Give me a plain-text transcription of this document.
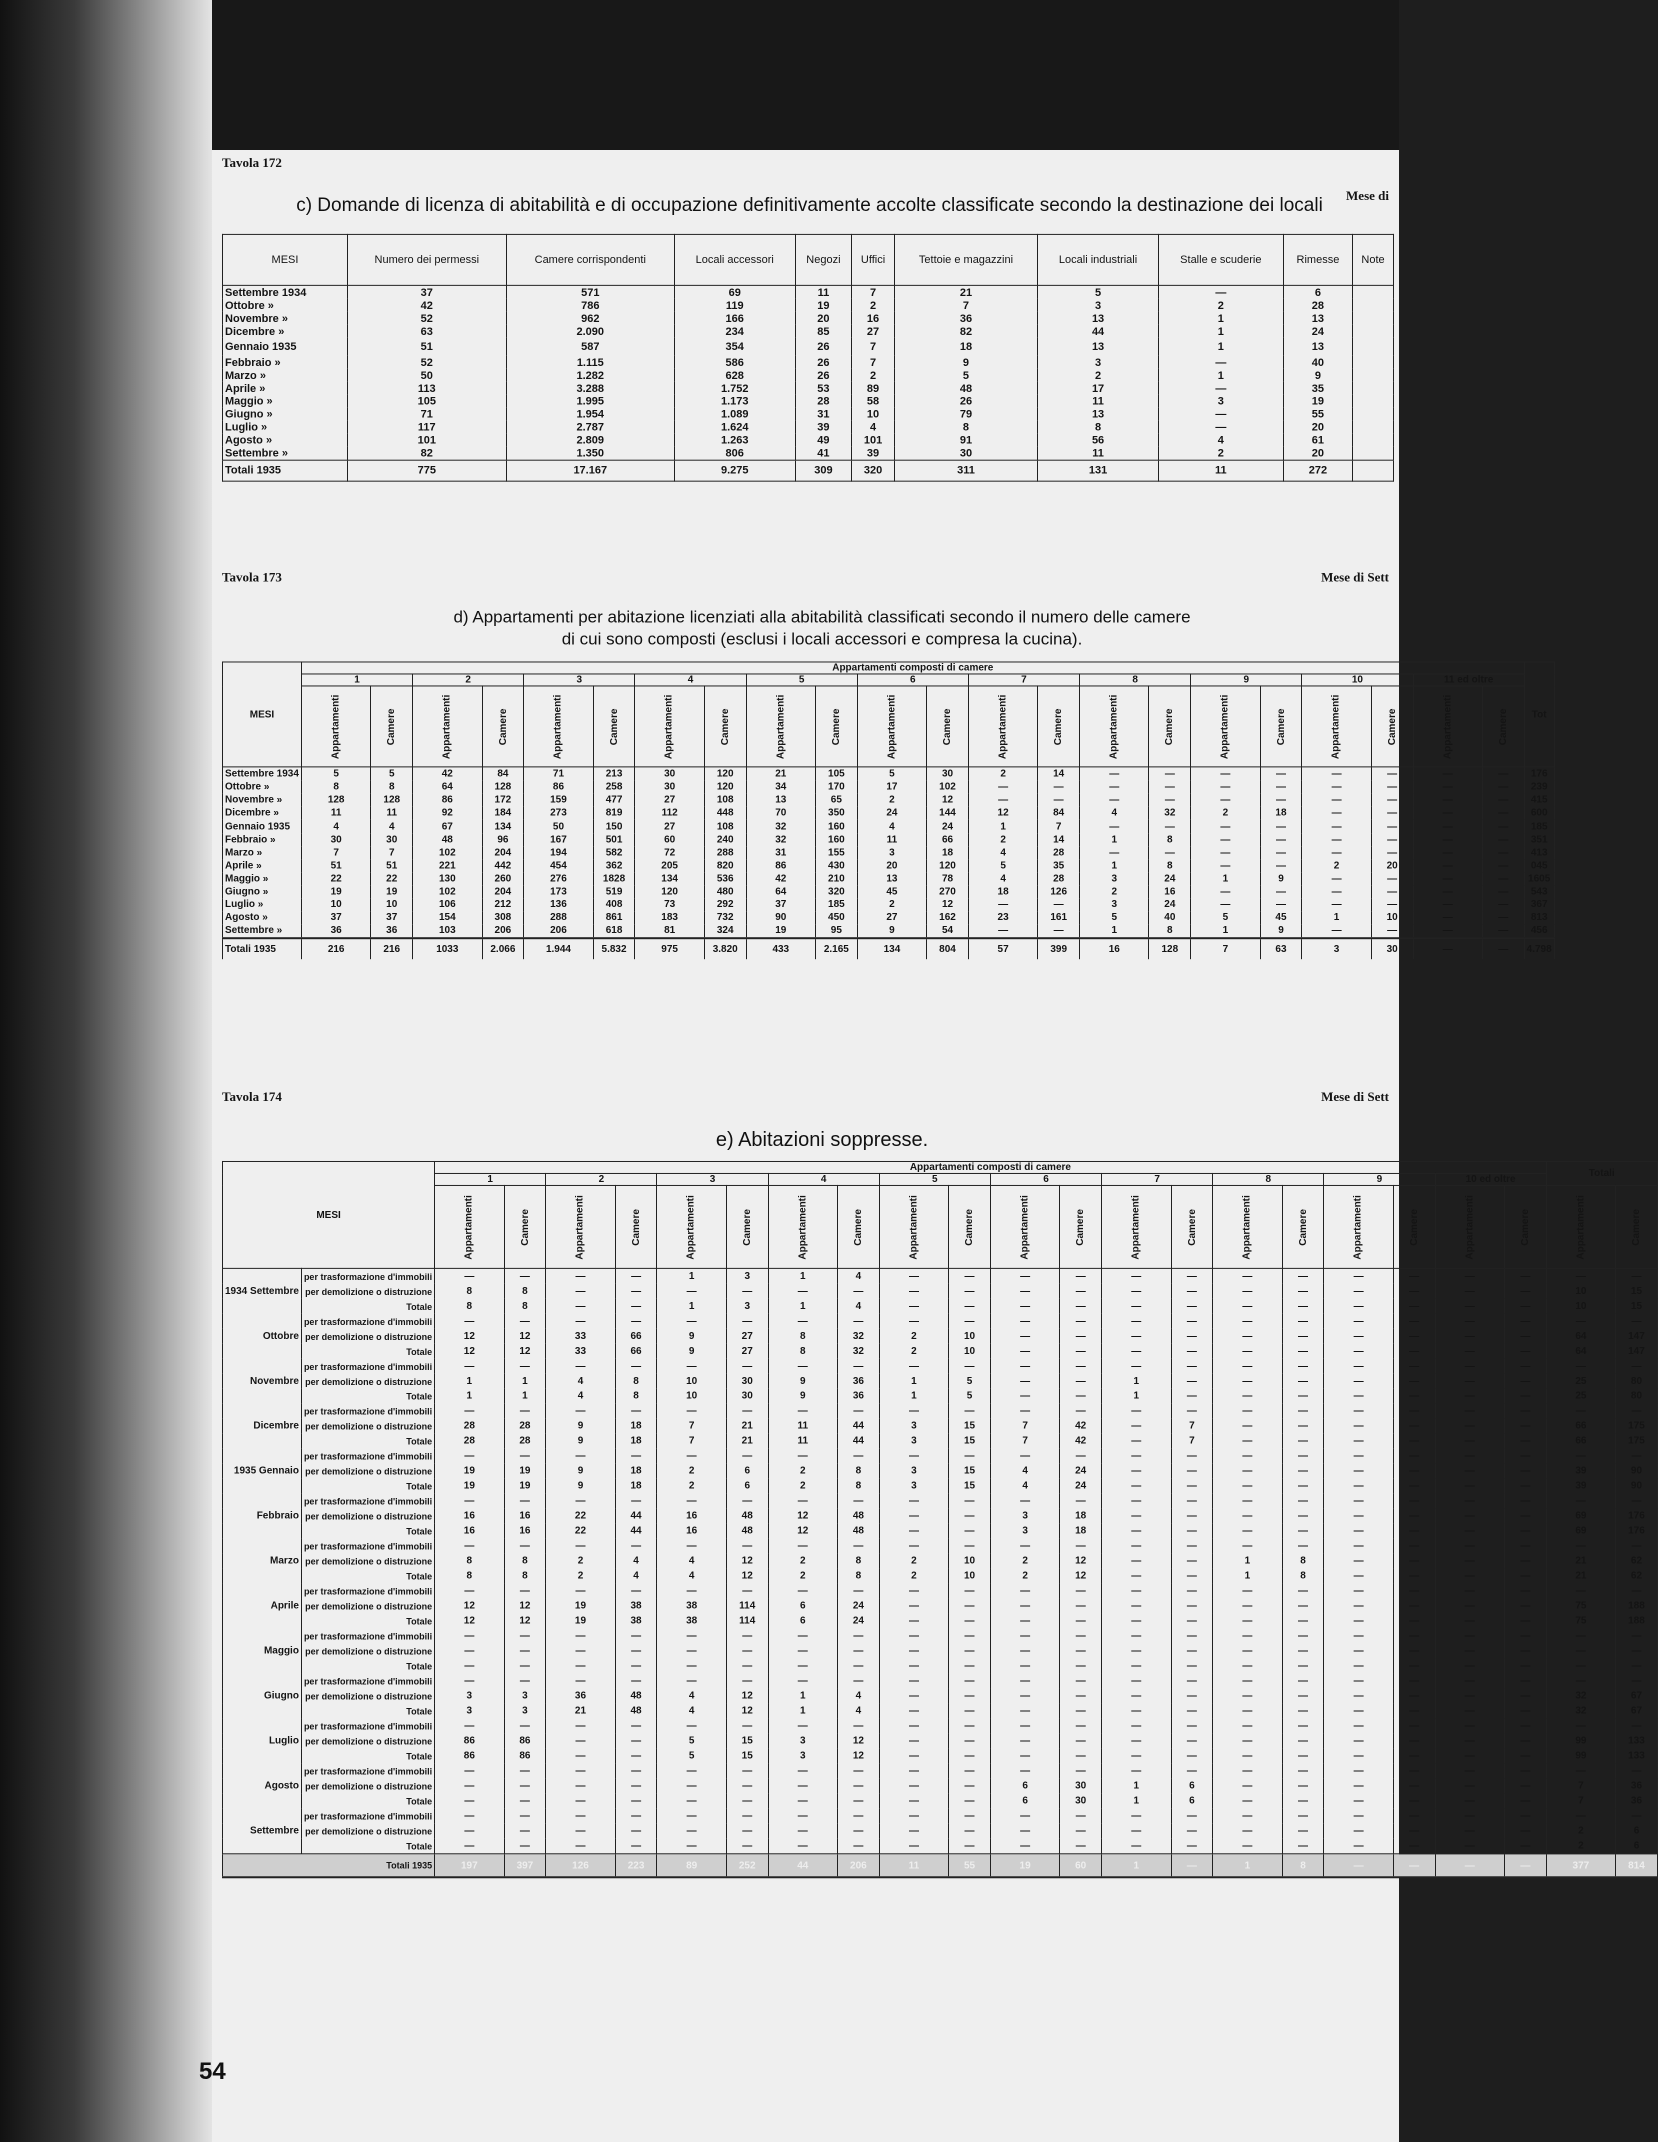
Tavola 172
Mese di
c) Domande di licenza di abitabilità e di occupazione definitivamente accolte classificate secondo la destinazione dei locali
MESI	Numero dei permessi	Camere corrispondenti	Locali accessori	Negozi	Uffici	Tettoie e magazzini	Locali industriali	Stalle e scuderie	Rimesse	Note
Settembre 1934	37	571	69	11	7	21	5	—	6	
Ottobre »	42	786	119	19	2	7	3	2	28	
Novembre »	52	962	166	20	16	36	13	1	13	
Dicembre »	63	2.090	234	85	27	82	44	1	24	
Gennaio 1935	51	587	354	26	7	18	13	1	13	
Febbraio »	52	1.115	586	26	7	9	3	—	40	
Marzo »	50	1.282	628	26	2	5	2	1	9	
Aprile »	113	3.288	1.752	53	89	48	17	—	35	
Maggio »	105	1.995	1.173	28	58	26	11	3	19	
Giugno »	71	1.954	1.089	31	10	79	13	—	55	
Luglio »	117	2.787	1.624	39	4	8	8	—	20	
Agosto »	101	2.809	1.263	49	101	91	56	4	61	
Settembre »	82	1.350	806	41	39	30	11	2	20	
Totali 1935	775	17.167	9.275	309	320	311	131	11	272	
Tavola 173	Mese di Sett
d) Appartamenti per abitazione licenziati alla abitabilità classificati secondo il numero delle camere
di cui sono composti (esclusi i locali accessori e compresa la cucina).
MESI	Appartamenti composti di camere																						Tot
	1		2		3		4		5		6		7		8		9		10		11 ed oltre		
	Appartamenti	Camere	Appartamenti	Camere	Appartamenti	Camere	Appartamenti	Camere	Appartamenti	Camere	Appartamenti	Camere	Appartamenti	Camere	Appartamenti	Camere	Appartamenti	Camere	Appartamenti	Camere	Appartamenti	Camere	
Settembre 1934	5	5	42	84	71	213	30	120	21	105	5	30	2	14	—	—	—	—	—	—	—	—	176
Ottobre »	8	8	64	128	86	258	30	120	34	170	17	102	—	—	—	—	—	—	—	—	—	—	239
Novembre »	128	128	86	172	159	477	27	108	13	65	2	12	—	—	—	—	—	—	—	—	—	—	415
Dicembre »	11	11	92	184	273	819	112	448	70	350	24	144	12	84	4	32	2	18	—	—	—	—	600
Gennaio 1935	4	4	67	134	50	150	27	108	32	160	4	24	1	7	—	—	—	—	—	—	—	—	185
Febbraio »	30	30	48	96	167	501	60	240	32	160	11	66	2	14	1	8	—	—	—	—	—	—	351
Marzo »	7	7	102	204	194	582	72	288	31	155	3	18	4	28	—	—	—	—	—	—	—	—	413
Aprile »	51	51	221	442	454	362	205	820	86	430	20	120	5	35	1	8	—	—	2	20	—	—	045
Maggio »	22	22	130	260	276	1828	134	536	42	210	13	78	4	28	3	24	1	9	—	—	—	—	1605
Giugno »	19	19	102	204	173	519	120	480	64	320	45	270	18	126	2	16	—	—	—	—	—	—	543
Luglio »	10	10	106	212	136	408	73	292	37	185	2	12	—	—	3	24	—	—	—	—	—	—	367
Agosto »	37	37	154	308	288	861	183	732	90	450	27	162	23	161	5	40	5	45	1	10	—	—	813
Settembre »	36	36	103	206	206	618	81	324	19	95	9	54	—	—	1	8	1	9	—	—	—	—	456
Totali 1935	216	216	1033	2.066	1.944	5.832	975	3.820	433	2.165	134	804	57	399	16	128	7	63	3	30	—	—	4.798
Tavola 174	Mese di Sett
e) Abitazioni soppresse.
MESI		Appartamenti composti di camere																				Totali	
		1		2		3		4		5		6		7		8		9		10 ed oltre			
		Appartamenti	Camere	Appartamenti	Camere	Appartamenti	Camere	Appartamenti	Camere	Appartamenti	Camere	Appartamenti	Camere	Appartamenti	Camere	Appartamenti	Camere	Appartamenti	Camere	Appartamenti	Camere	Appartamenti	Camere
1934 Settembre	per trasformazione d'immobili	—	—	—	—	1	3	1	4	—	—	—	—	—	—	—	—	—	—	—	—	—	—
	per demolizione o distruzione	8	8	—	—	—	—	—	—	—	—	—	—	—	—	—	—	—	—	—	—	10	15
	Totale	8	8	—	—	1	3	1	4	—	—	—	—	—	—	—	—	—	—	—	—	10	15
Ottobre	per trasformazione d'immobili	—	—	—	—	—	—	—	—	—	—	—	—	—	—	—	—	—	—	—	—	—	—
	per demolizione o distruzione	12	12	33	66	9	27	8	32	2	10	—	—	—	—	—	—	—	—	—	—	64	147
	Totale	12	12	33	66	9	27	8	32	2	10	—	—	—	—	—	—	—	—	—	—	64	147
Novembre	per trasformazione d'immobili	—	—	—	—	—	—	—	—	—	—	—	—	—	—	—	—	—	—	—	—	—	—
	per demolizione o distruzione	1	1	4	8	10	30	9	36	1	5	—	—	1	—	—	—	—	—	—	—	25	80
	Totale	1	1	4	8	10	30	9	36	1	5	—	—	1	—	—	—	—	—	—	—	25	80
Dicembre	per trasformazione d'immobili	—	—	—	—	—	—	—	—	—	—	—	—	—	—	—	—	—	—	—	—	—	—
	per demolizione o distruzione	28	28	9	18	7	21	11	44	3	15	7	42	—	7	—	—	—	—	—	—	66	175
	Totale	28	28	9	18	7	21	11	44	3	15	7	42	—	7	—	—	—	—	—	—	66	175
1935 Gennaio	per trasformazione d'immobili	—	—	—	—	—	—	—	—	—	—	—	—	—	—	—	—	—	—	—	—	—	—
	per demolizione o distruzione	19	19	9	18	2	6	2	8	3	15	4	24	—	—	—	—	—	—	—	—	39	90
	Totale	19	19	9	18	2	6	2	8	3	15	4	24	—	—	—	—	—	—	—	—	39	90
Febbraio	per trasformazione d'immobili	—	—	—	—	—	—	—	—	—	—	—	—	—	—	—	—	—	—	—	—	—	—
	per demolizione o distruzione	16	16	22	44	16	48	12	48	—	—	3	18	—	—	—	—	—	—	—	—	69	176
	Totale	16	16	22	44	16	48	12	48	—	—	3	18	—	—	—	—	—	—	—	—	69	176
Marzo	per trasformazione d'immobili	—	—	—	—	—	—	—	—	—	—	—	—	—	—	—	—	—	—	—	—	—	—
	per demolizione o distruzione	8	8	2	4	4	12	2	8	2	10	2	12	—	—	1	8	—	—	—	—	21	62
	Totale	8	8	2	4	4	12	2	8	2	10	2	12	—	—	1	8	—	—	—	—	21	62
Aprile	per trasformazione d'immobili	—	—	—	—	—	—	—	—	—	—	—	—	—	—	—	—	—	—	—	—	—	—
	per demolizione o distruzione	12	12	19	38	38	114	6	24	—	—	—	—	—	—	—	—	—	—	—	—	75	188
	Totale	12	12	19	38	38	114	6	24	—	—	—	—	—	—	—	—	—	—	—	—	75	188
Maggio	per trasformazione d'immobili	—	—	—	—	—	—	—	—	—	—	—	—	—	—	—	—	—	—	—	—	—	—
	per demolizione o distruzione	—	—	—	—	—	—	—	—	—	—	—	—	—	—	—	—	—	—	—	—	—	—
	Totale	—	—	—	—	—	—	—	—	—	—	—	—	—	—	—	—	—	—	—	—	—	—
Giugno	per trasformazione d'immobili	—	—	—	—	—	—	—	—	—	—	—	—	—	—	—	—	—	—	—	—	—	—
	per demolizione o distruzione	3	3	36	48	4	12	1	4	—	—	—	—	—	—	—	—	—	—	—	—	32	67
	Totale	3	3	21	48	4	12	1	4	—	—	—	—	—	—	—	—	—	—	—	—	32	67
Luglio	per trasformazione d'immobili	—	—	—	—	—	—	—	—	—	—	—	—	—	—	—	—	—	—	—	—	—	—
	per demolizione o distruzione	86	86	—	—	5	15	3	12	—	—	—	—	—	—	—	—	—	—	—	—	99	133
	Totale	86	86	—	—	5	15	3	12	—	—	—	—	—	—	—	—	—	—	—	—	99	133
Agosto	per trasformazione d'immobili	—	—	—	—	—	—	—	—	—	—	—	—	—	—	—	—	—	—	—	—	—	—
	per demolizione o distruzione	—	—	—	—	—	—	—	—	—	—	6	30	1	6	—	—	—	—	—	—	7	36
	Totale	—	—	—	—	—	—	—	—	—	—	6	30	1	6	—	—	—	—	—	—	7	36
Settembre	per trasformazione d'immobili	—	—	—	—	—	—	—	—	—	—	—	—	—	—	—	—	—	—	—	—	—	—
	per demolizione o distruzione	—	—	—	—	—	—	—	—	—	—	—	—	—	—	—	—	—	—	—	—	2	6
	Totale	—	—	—	—	—	—	—	—	—	—	—	—	—	—	—	—	—	—	—	—	2	6
Totali 1935		197	397	126	223	89	252	44	206	11	55	19	60	1	—	1	8	—	—	—	—	377	814
54
